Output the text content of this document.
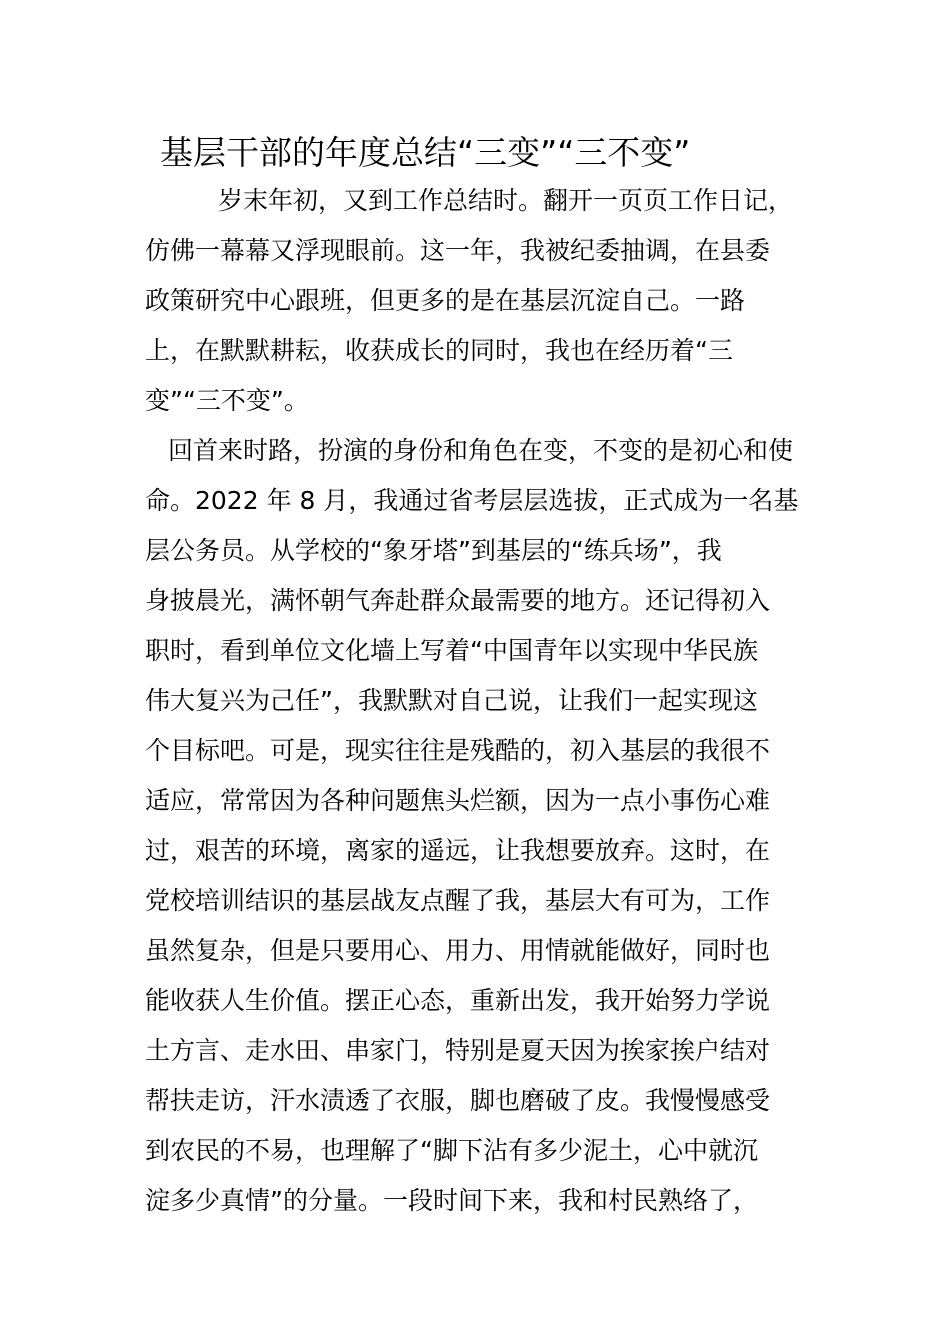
基层干部的年度总结“三变”“三不变”
岁末年初，又到工作总结时。翻开一页页工作日记，
仿佛一幕幕又浮现眼前。这一年，我被纪委抽调，在县委
政策研究中心跟班，但更多的是在基层沉淀自己。一路
上，在默默耕耘，收获成长的同时，我也在经历着“三
变”“三不变”。
回首来时路，扮演的身份和角色在变，不变的是初心和使
命。2022 年 8 月，我通过省考层层选拔，正式成为一名基
层公务员。从学校的“象牙塔”到基层的“练兵场”，我
身披晨光，满怀朝气奔赴群众最需要的地方。还记得初入
职时，看到单位文化墙上写着“中国青年以实现中华民族
伟大复兴为己任”，我默默对自己说，让我们一起实现这
个目标吧。可是，现实往往是残酷的，初入基层的我很不
适应，常常因为各种问题焦头烂额，因为一点小事伤心难
过，艰苦的环境，离家的遥远，让我想要放弃。这时，在
党校培训结识的基层战友点醒了我，基层大有可为，工作
虽然复杂，但是只要用心、用力、用情就能做好，同时也
能收获人生价值。摆正心态，重新出发，我开始努力学说
土方言、走水田、串家门，特别是夏天因为挨家挨户结对
帮扶走访，汗水渍透了衣服，脚也磨破了皮。我慢慢感受
到农民的不易，也理解了“脚下沾有多少泥土，心中就沉
淀多少真情”的分量。一段时间下来，我和村民熟络了，
